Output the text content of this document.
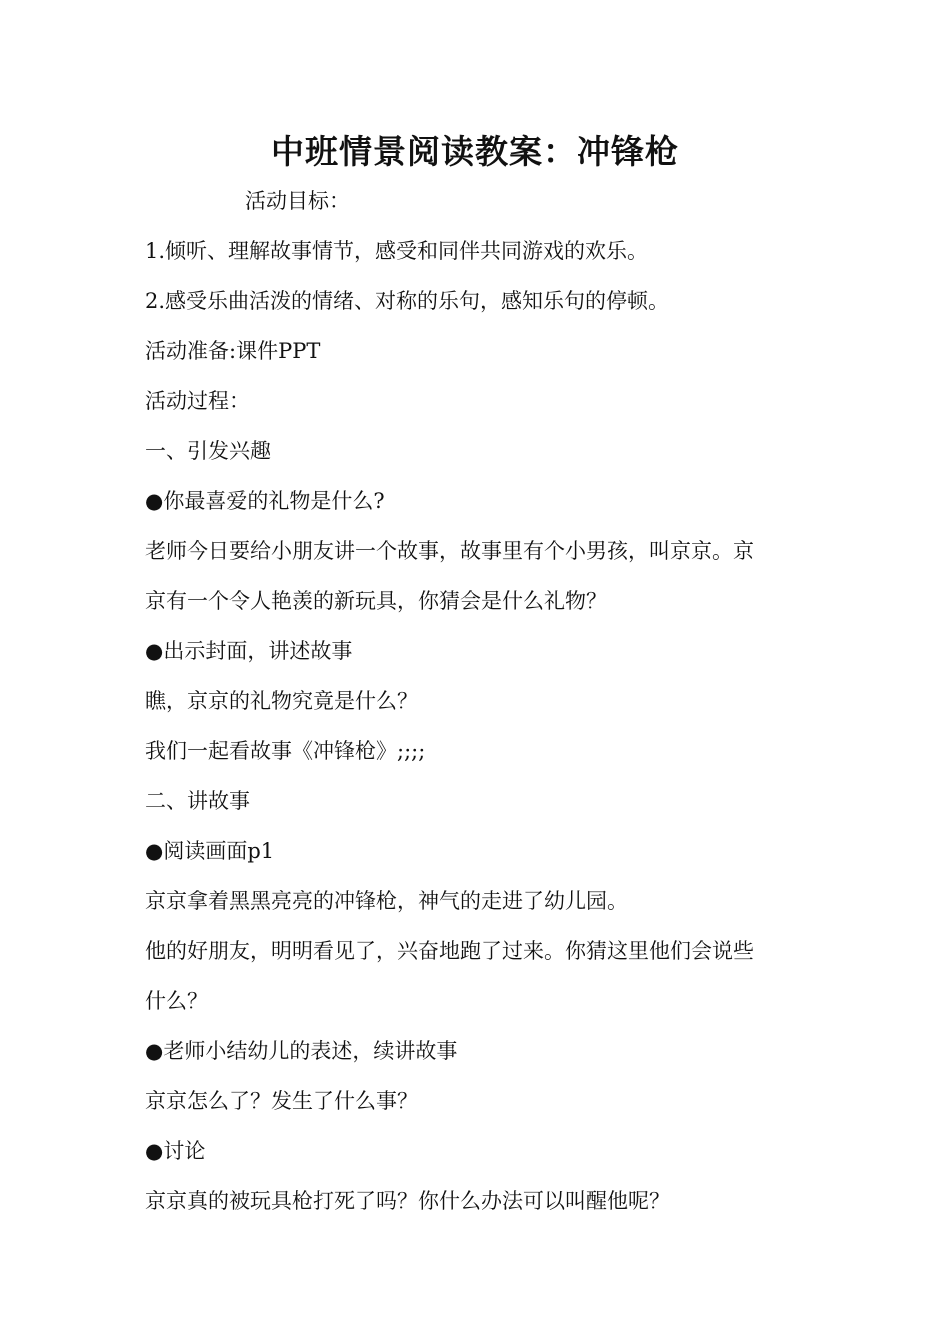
中班情景阅读教案：冲锋枪

活动目标：

1.倾听、理解故事情节，感受和同伴共同游戏的欢乐。

2.感受乐曲活泼的情绪、对称的乐句，感知乐句的停顿。

活动准备:课件PPT

活动过程：

一、引发兴趣

●你最喜爱的礼物是什么?

老师今日要给小朋友讲一个故事，故事里有个小男孩，叫京京。京

京有一个令人艳羡的新玩具，你猜会是什么礼物？

●出示封面，讲述故事

瞧，京京的礼物究竟是什么？

我们一起看故事《冲锋枪》;;;;

二、讲故事

●阅读画面p1

京京拿着黑黑亮亮的冲锋枪，神气的走进了幼儿园。

他的好朋友，明明看见了，兴奋地跑了过来。你猜这里他们会说些

什么？

●老师小结幼儿的表述，续讲故事

京京怎么了？发生了什么事？

●讨论

京京真的被玩具枪打死了吗？你什么办法可以叫醒他呢？
